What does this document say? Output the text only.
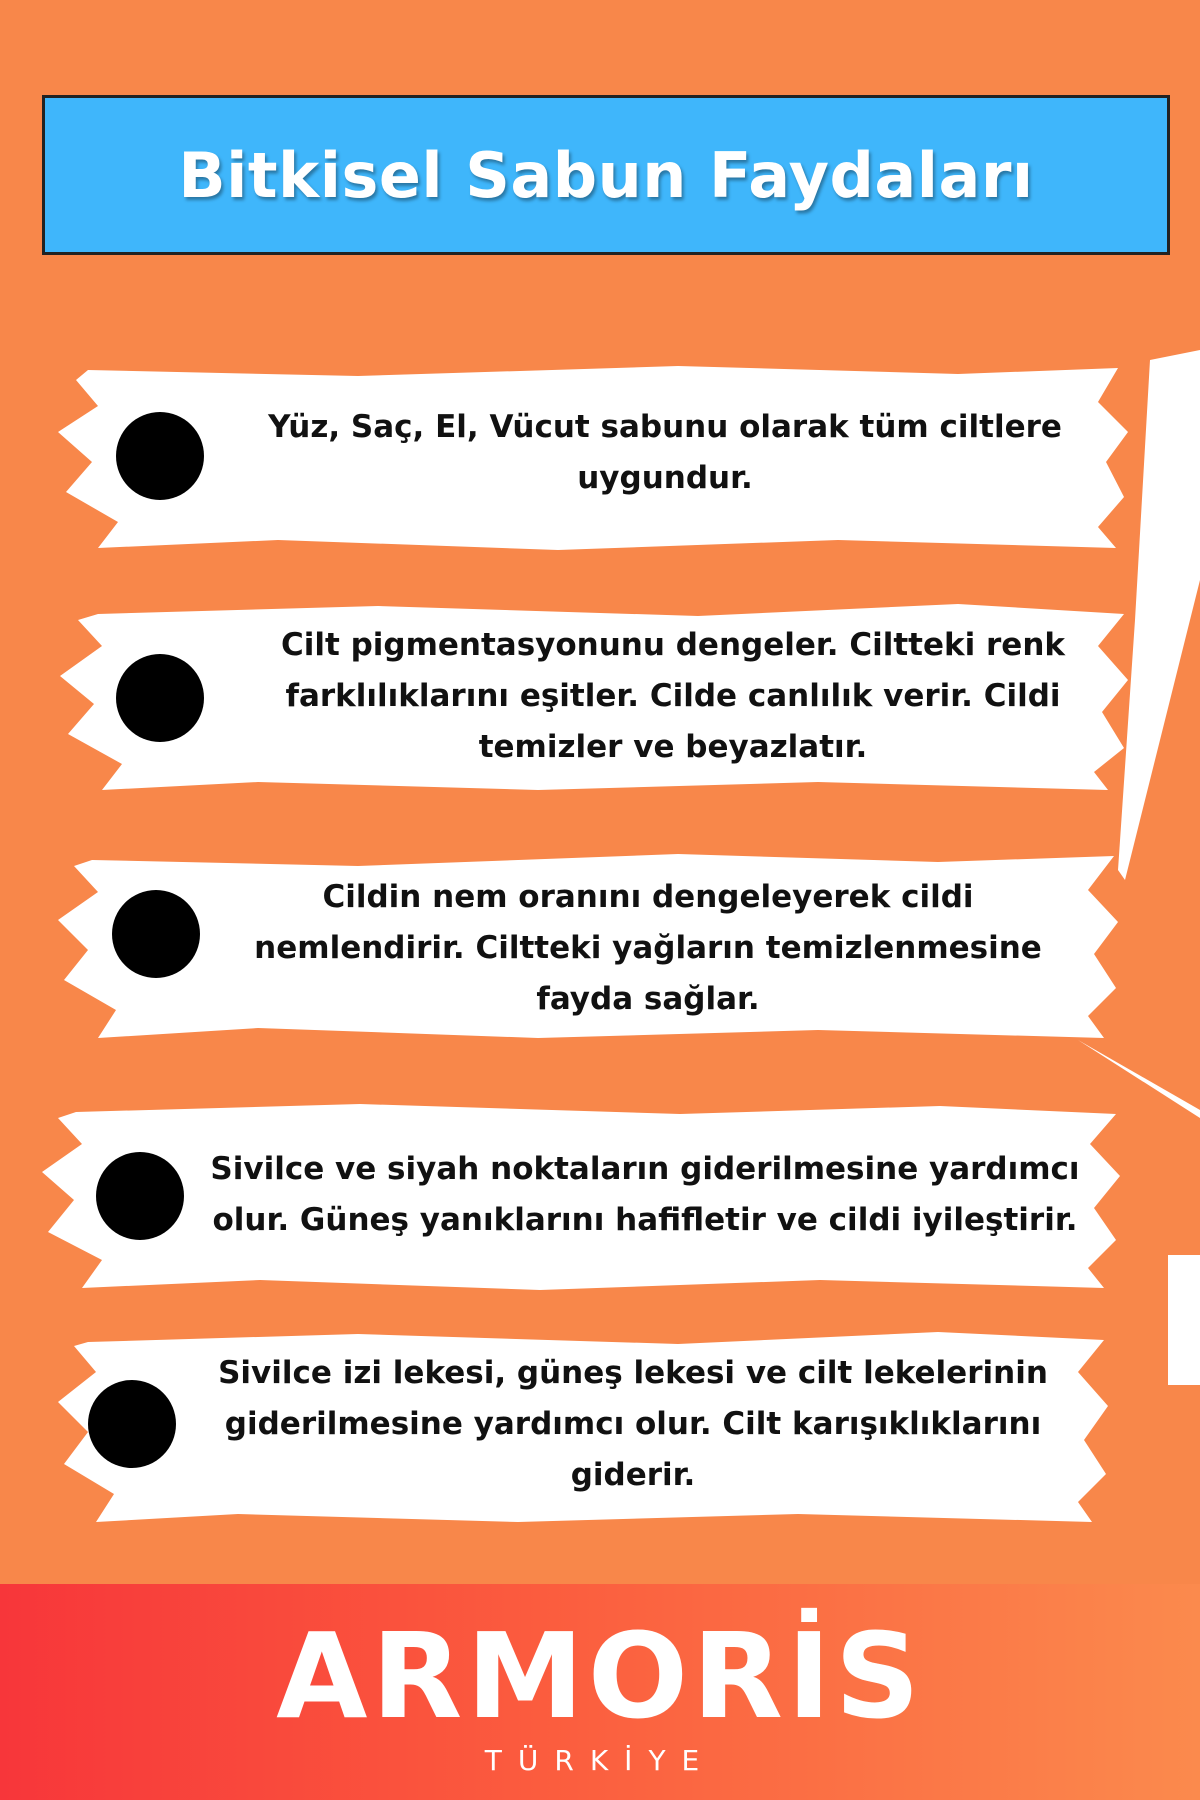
Bitkisel Sabun Faydaları
Yüz, Saç, El, Vücut sabunu olarak tüm ciltlere
uygundur.
Cilt pigmentasyonunu dengeler. Ciltteki renk
farklılıklarını eşitler. Cilde canlılık verir. Cildi
temizler ve beyazlatır.
Cildin nem oranını dengeleyerek cildi
nemlendirir. Ciltteki yağların temizlenmesine
fayda sağlar.
Sivilce ve siyah noktaların giderilmesine yardımcı
olur. Güneş yanıklarını hafifletir ve cildi iyileştirir.
Sivilce izi lekesi, güneş lekesi ve cilt lekelerinin
giderilmesine yardımcı olur. Cilt karışıklıklarını
giderir.
ARMORİS
TÜRKİYE
